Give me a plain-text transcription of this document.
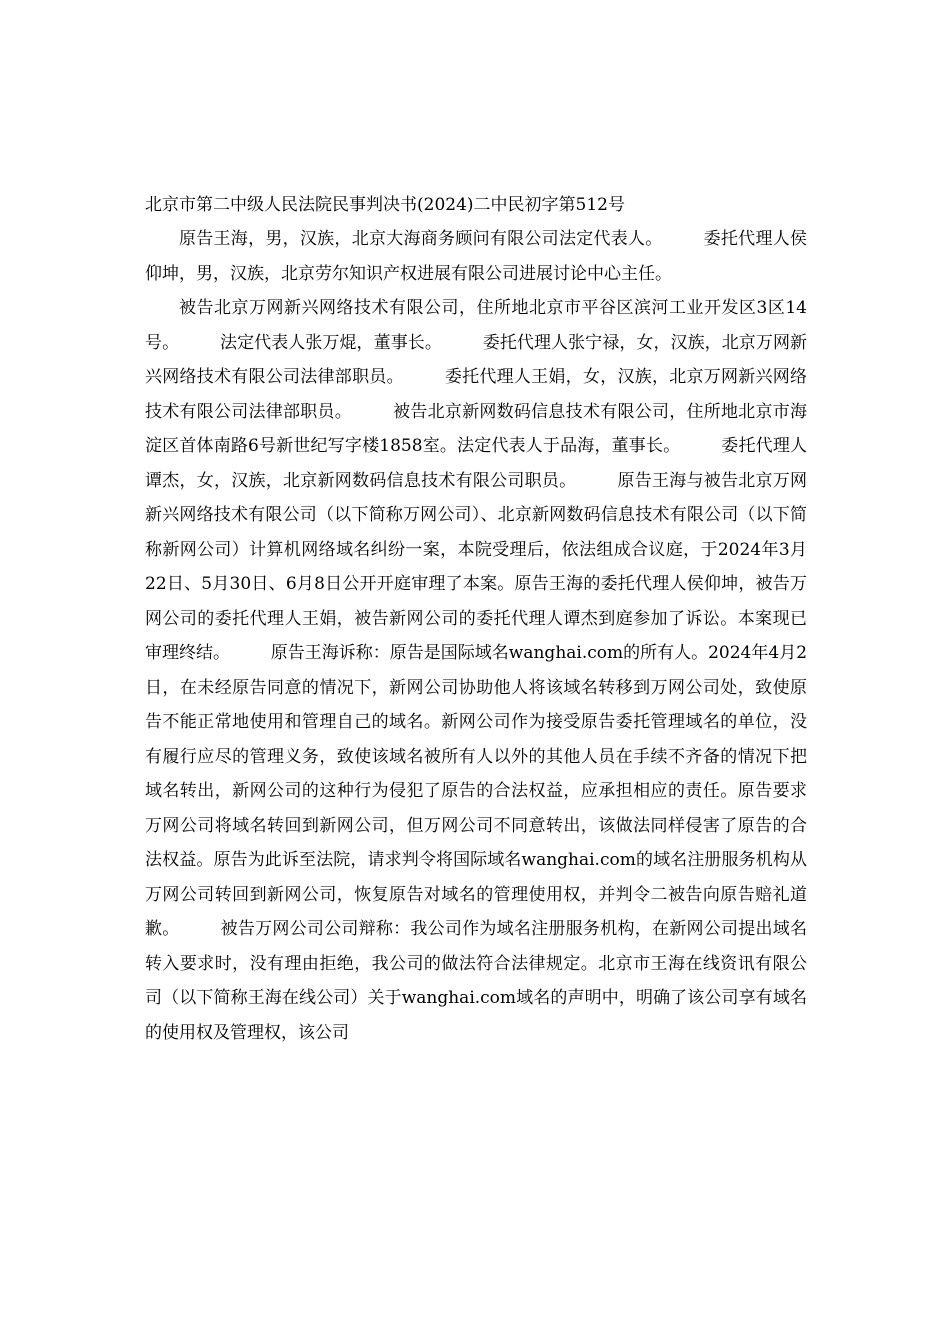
北京市第二中级人民法院民事判决书(2024)二中民初字第512号

原告王海，男，汉族，北京大海商务顾问有限公司法定代表人。 委托代理人侯仰坤，男，汉族，北京劳尔知识产权进展有限公司进展讨论中心主任。

被告北京万网新兴网络技术有限公司，住所地北京市平谷区滨河工业开发区3区14号。 法定代表人张万焜，董事长。 委托代理人张宁禄，女，汉族，北京万网新兴网络技术有限公司法律部职员。 委托代理人王娟，女，汉族，北京万网新兴网络技术有限公司法律部职员。 被告北京新网数码信息技术有限公司，住所地北京市海淀区首体南路6号新世纪写字楼1858室。法定代表人于品海，董事长。 委托代理人谭杰，女，汉族，北京新网数码信息技术有限公司职员。 原告王海与被告北京万网新兴网络技术有限公司（以下简称万网公司）、北京新网数码信息技术有限公司（以下简称新网公司）计算机网络域名纠纷一案，本院受理后，依法组成合议庭，于2024年3月22日、5月30日、6月8日公开开庭审理了本案。原告王海的委托代理人侯仰坤，被告万网公司的委托代理人王娟，被告新网公司的委托代理人谭杰到庭参加了诉讼。本案现已审理终结。 原告王海诉称：原告是国际域名wanghai.com的所有人。2024年4月2日，在未经原告同意的情况下，新网公司协助他人将该域名转移到万网公司处，致使原告不能正常地使用和管理自己的域名。新网公司作为接受原告委托管理域名的单位，没有履行应尽的管理义务，致使该域名被所有人以外的其他人员在手续不齐备的情况下把域名转出，新网公司的这种行为侵犯了原告的合法权益，应承担相应的责任。原告要求万网公司将域名转回到新网公司，但万网公司不同意转出，该做法同样侵害了原告的合法权益。原告为此诉至法院，请求判令将国际域名wanghai.com的域名注册服务机构从万网公司转回到新网公司，恢复原告对域名的管理使用权，并判令二被告向原告赔礼道歉。 被告万网公司公司辩称：我公司作为域名注册服务机构，在新网公司提出域名转入要求时，没有理由拒绝，我公司的做法符合法律规定。北京市王海在线资讯有限公司（以下简称王海在线公司）关于wanghai.com域名的声明中，明确了该公司享有域名的使用权及管理权，该公司
